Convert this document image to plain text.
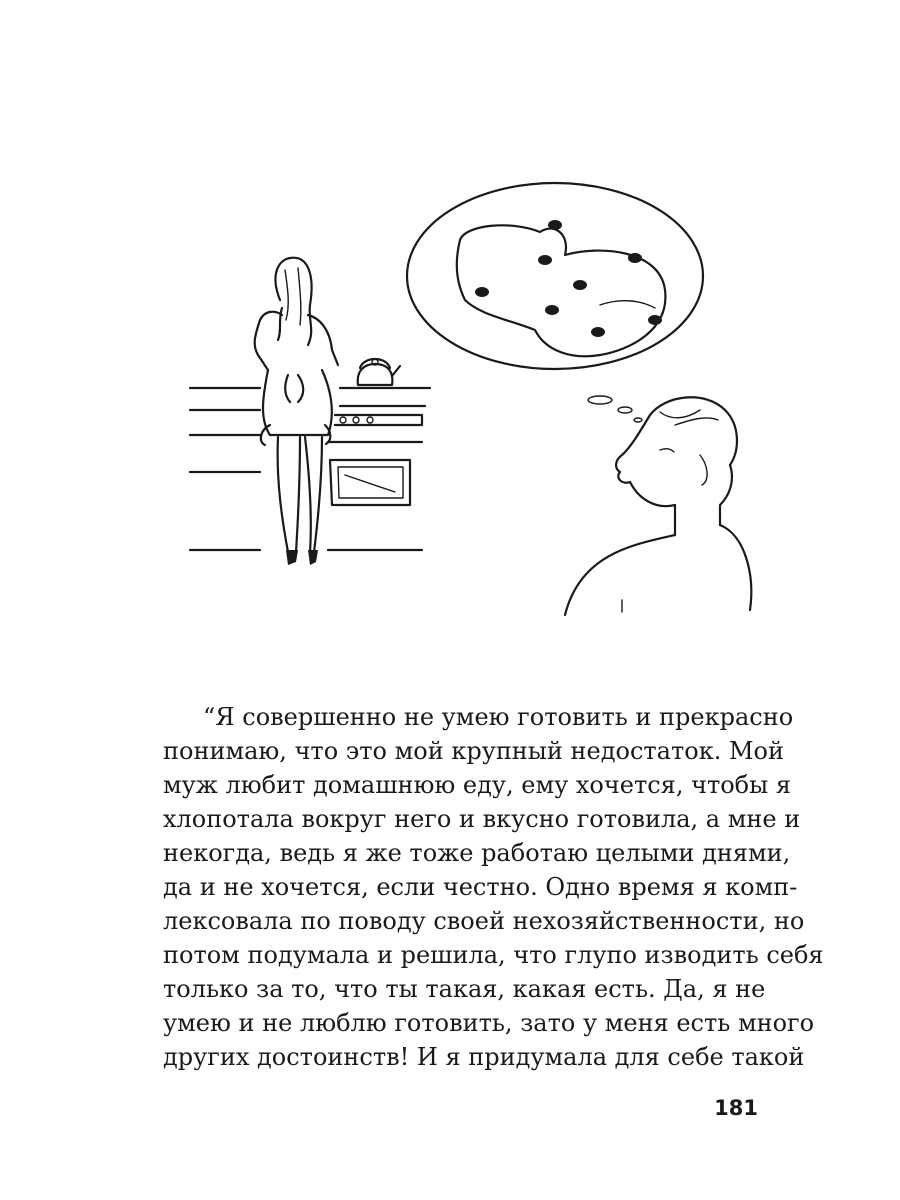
“Я совершенно не умею готовить и прекрасно
понимаю, что это мой крупный недостаток. Мой
муж любит домашнюю еду, ему хочется, чтобы я
хлопотала вокруг него и вкусно готовила, а мне и
некогда, ведь я же тоже работаю целыми днями,
да и не хочется, если честно. Одно время я комп-
лексовала по поводу своей нехозяйственности, но
потом подумала и решила, что глупо изводить себя
только за то, что ты такая, какая есть. Да, я не
умею и не люблю готовить, зато у меня есть много
других достоинств! И я придумала для себе такой
181
